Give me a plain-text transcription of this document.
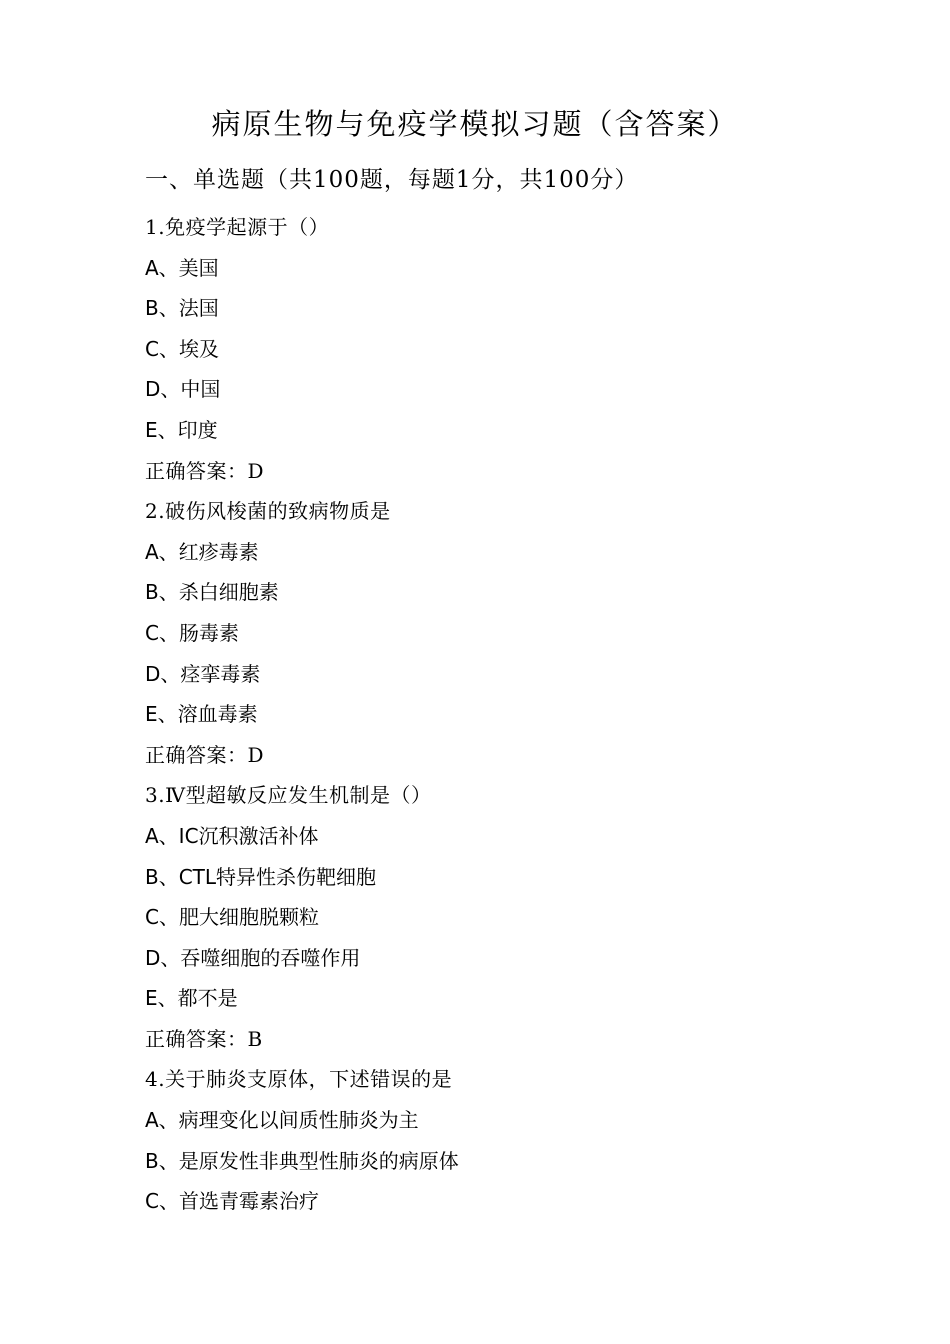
病原生物与免疫学模拟习题（含答案）
一、单选题（共100题，每题1分，共100分）
1.免疫学起源于（）
A、美国
B、法国
C、埃及
D、中国
E、印度
正确答案：D
2.破伤风梭菌的致病物质是
A、红疹毒素
B、杀白细胞素
C、肠毒素
D、痉挛毒素
E、溶血毒素
正确答案：D
3.Ⅳ型超敏反应发生机制是（）
A、IC沉积激活补体
B、CTL特异性杀伤靶细胞
C、肥大细胞脱颗粒
D、吞噬细胞的吞噬作用
E、都不是
正确答案：B
4.关于肺炎支原体，下述错误的是
A、病理变化以间质性肺炎为主
B、是原发性非典型性肺炎的病原体
C、首选青霉素治疗
